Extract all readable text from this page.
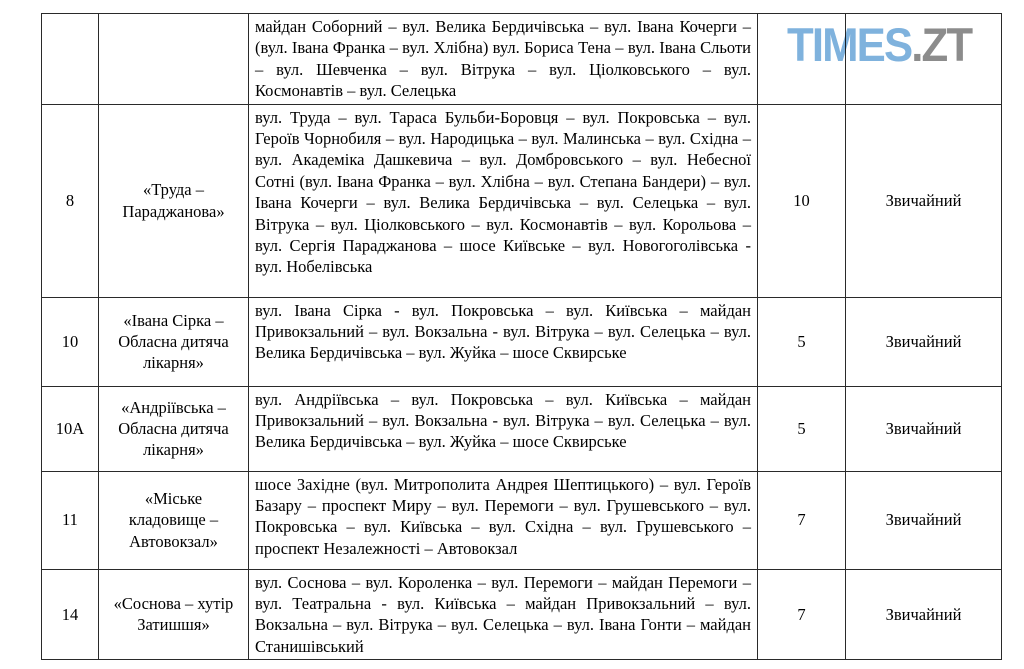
		майдан Соборний – вул. Велика Бердичівська – вул. Івана Кочерги – (вул. Івана Франка – вул. Хлібна) вул. Бориса Тена – вул. Івана Сльоти – вул. Шевченка – вул. Вітрука – вул. Ціолковського – вул. Космонавтів – вул. Селецька		
8	«Труда – Параджанова»	вул. Труда – вул. Тараса Бульби-Боровця – вул. Покровська – вул. Героїв Чорнобиля – вул. Народицька – вул. Малинська – вул. Східна – вул. Академіка Дашкевича – вул. Домбровського – вул. Небесної Сотні (вул. Івана Франка – вул. Хлібна – вул. Степана Бандери) – вул. Івана Кочерги – вул. Велика Бердичівська – вул. Селецька – вул. Вітрука – вул. Ціолковського – вул. Космонавтів – вул. Корольова – вул. Сергія Параджанова – шосе Київське – вул. Новогоголівська - вул. Нобелівська	10	Звичайний
10	«Івана Сірка – Обласна дитяча лікарня»	вул. Івана Сірка - вул. Покровська – вул. Київська – майдан Привокзальний – вул. Вокзальна - вул. Вітрука – вул. Селецька – вул. Велика Бердичівська – вул. Жуйка – шосе Сквирське	5	Звичайний
10А	«Андріївська – Обласна дитяча лікарня»	вул. Андріївська – вул. Покровська – вул. Київська – майдан Привокзальний – вул. Вокзальна - вул. Вітрука – вул. Селецька – вул. Велика Бердичівська – вул. Жуйка – шосе Сквирське	5	Звичайний
11	«Міське кладовище – Автовокзал»	шосе Західне (вул. Митрополита Андрея Шептицького) – вул. Героїв Базару – проспект Миру – вул. Перемоги – вул. Грушевського – вул. Покровська – вул. Київська – вул. Східна – вул. Грушевського – проспект Незалежності – Автовокзал	7	Звичайний
14	«Соснова – хутір Затишшя»	вул. Соснова – вул. Короленка – вул. Перемоги – майдан Перемоги – вул. Театральна - вул. Київська – майдан Привокзальний – вул. Вокзальна – вул. Вітрука – вул. Селецька – вул. Івана Гонти – майдан Станишівський	7	Звичайний
TIMES.ZT
